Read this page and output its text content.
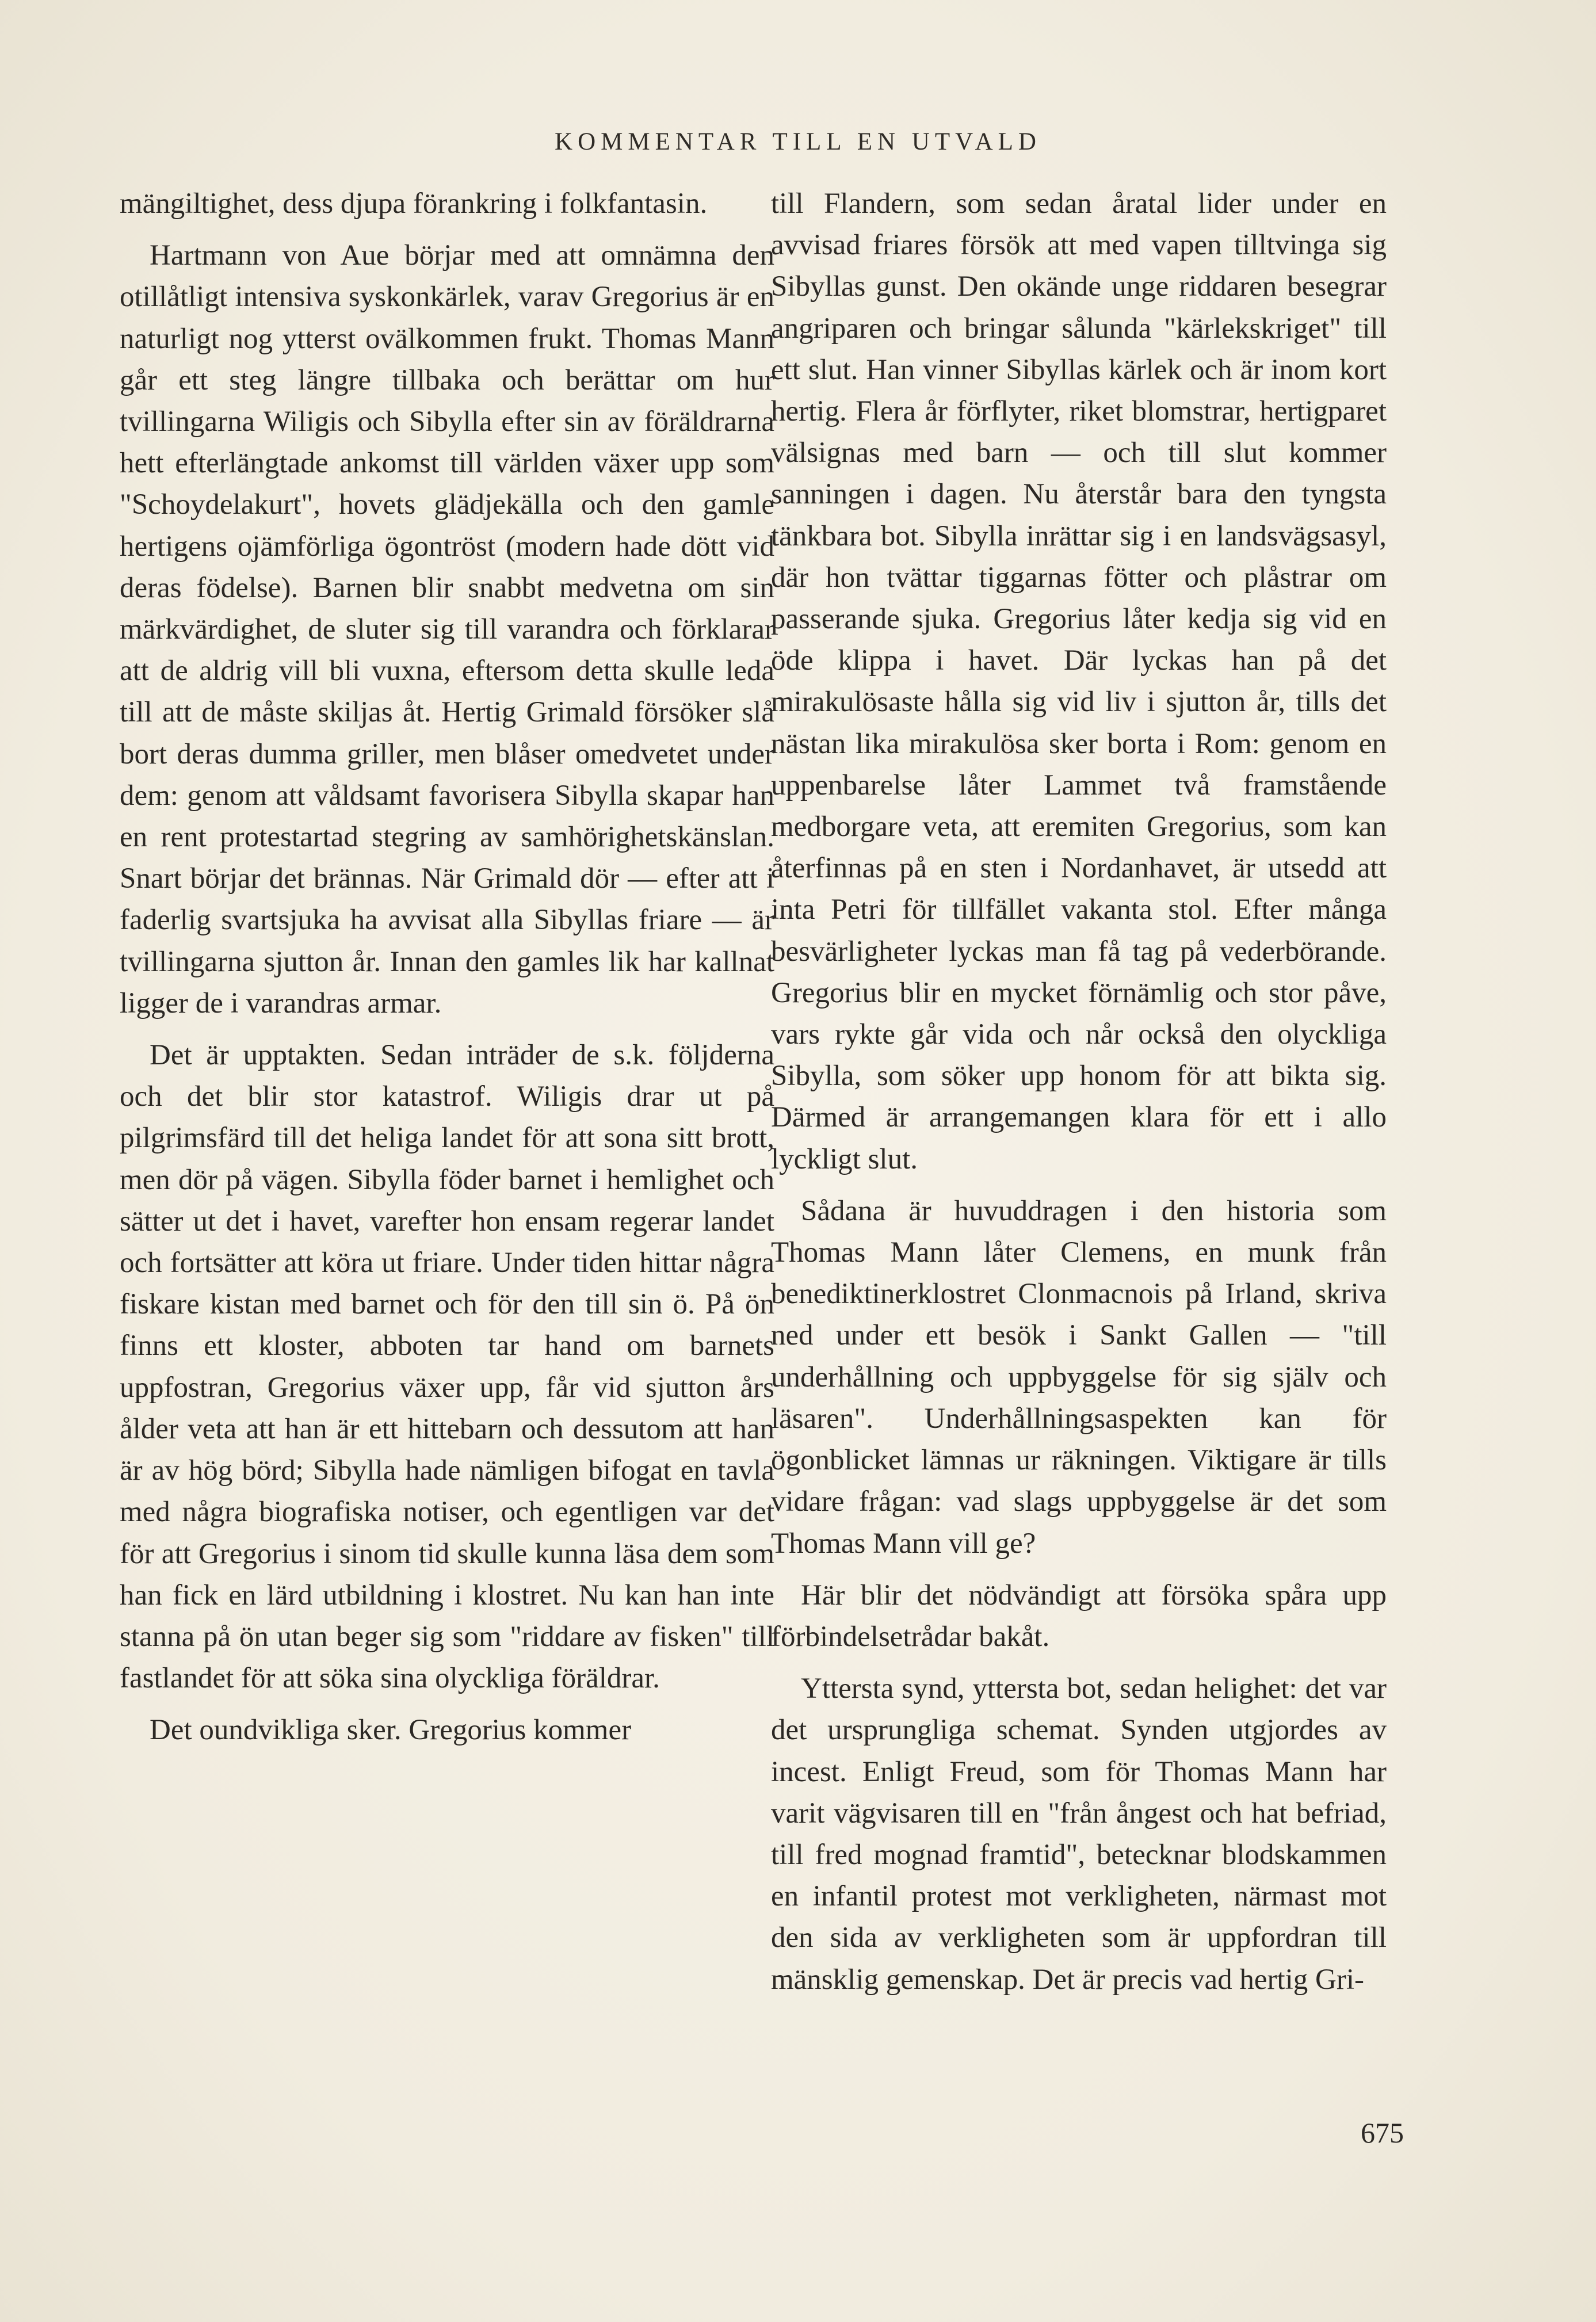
KOMMENTAR TILL EN UTVALD

mängiltighet, dess djupa förankring i folkfantasin.

Hartmann von Aue börjar med att omnämna den otillåtligt intensiva syskonkärlek, varav Gregorius är en naturligt nog ytterst ovälkommen frukt. Thomas Mann går ett steg längre tillbaka och berättar om hur tvillingarna Wiligis och Sibylla efter sin av föräldrarna hett efterlängtade ankomst till världen växer upp som "Schoydelakurt", hovets glädjekälla och den gamle hertigens ojämförliga ögontröst (modern hade dött vid deras födelse). Barnen blir snabbt medvetna om sin märkvärdighet, de sluter sig till varandra och förklarar att de aldrig vill bli vuxna, eftersom detta skulle leda till att de måste skiljas åt. Hertig Grimald försöker slå bort deras dumma griller, men blåser omedvetet under dem: genom att våldsamt favorisera Sibylla skapar han en rent protestartad stegring av samhörighetskänslan. Snart börjar det brännas. När Grimald dör — efter att i faderlig svartsjuka ha avvisat alla Sibyllas friare — är tvillingarna sjutton år. Innan den gamles lik har kallnat ligger de i varandras armar.

Det är upptakten. Sedan inträder de s.k. följderna och det blir stor katastrof. Wiligis drar ut på pilgrimsfärd till det heliga landet för att sona sitt brott, men dör på vägen. Sibylla föder barnet i hemlighet och sätter ut det i havet, varefter hon ensam regerar landet och fortsätter att köra ut friare. Under tiden hittar några fiskare kistan med barnet och för den till sin ö. På ön finns ett kloster, abboten tar hand om barnets uppfostran, Gregorius växer upp, får vid sjutton års ålder veta att han är ett hittebarn och dessutom att han är av hög börd; Sibylla hade nämligen bifogat en tavla med några biografiska notiser, och egentligen var det för att Gregorius i sinom tid skulle kunna läsa dem som han fick en lärd utbildning i klostret. Nu kan han inte stanna på ön utan beger sig som "riddare av fisken" till fastlandet för att söka sina olyckliga föräldrar.

Det oundvikliga sker. Gregorius kommer

till Flandern, som sedan åratal lider under en avvisad friares försök att med vapen tilltvinga sig Sibyllas gunst. Den okände unge riddaren besegrar angriparen och bringar sålunda "kärlekskriget" till ett slut. Han vinner Sibyllas kärlek och är inom kort hertig. Flera år förflyter, riket blomstrar, hertigparet välsignas med barn — och till slut kommer sanningen i dagen. Nu återstår bara den tyngsta tänkbara bot. Sibylla inrättar sig i en landsvägsasyl, där hon tvättar tiggarnas fötter och plåstrar om passerande sjuka. Gregorius låter kedja sig vid en öde klippa i havet. Där lyckas han på det mirakulösaste hålla sig vid liv i sjutton år, tills det nästan lika mirakulösa sker borta i Rom: genom en uppenbarelse låter Lammet två framstående medborgare veta, att eremiten Gregorius, som kan återfinnas på en sten i Nordanhavet, är utsedd att inta Petri för tillfället vakanta stol. Efter många besvärligheter lyckas man få tag på vederbörande. Gregorius blir en mycket förnämlig och stor påve, vars rykte går vida och når också den olyckliga Sibylla, som söker upp honom för att bikta sig. Därmed är arrangemangen klara för ett i allo lyckligt slut.

Sådana är huvuddragen i den historia som Thomas Mann låter Clemens, en munk från benediktinerklostret Clonmacnois på Irland, skriva ned under ett besök i Sankt Gallen — "till underhållning och uppbyggelse för sig själv och läsaren". Underhållningsaspekten kan för ögonblicket lämnas ur räkningen. Viktigare är tills vidare frågan: vad slags uppbyggelse är det som Thomas Mann vill ge?

Här blir det nödvändigt att försöka spåra upp förbindelsetrådar bakåt.

Yttersta synd, yttersta bot, sedan helighet: det var det ursprungliga schemat. Synden utgjordes av incest. Enligt Freud, som för Thomas Mann har varit vägvisaren till en "från ångest och hat befriad, till fred mognad framtid", betecknar blodskammen en infantil protest mot verkligheten, närmast mot den sida av verkligheten som är uppfordran till mänsklig gemenskap. Det är precis vad hertig Gri-

675
